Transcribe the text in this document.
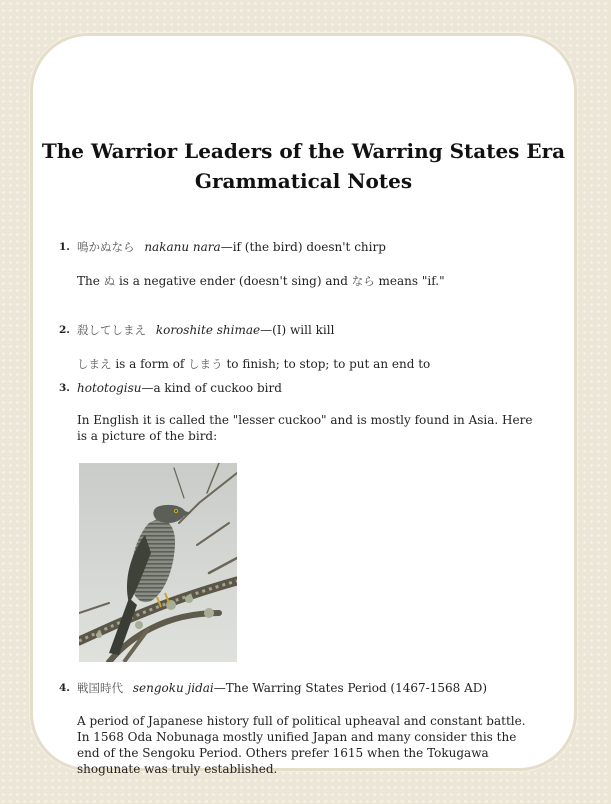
The Warrior Leaders of the Warring States Era
Grammatical Notes
1. 鳴かぬなら nakanu nara—if (the bird) doesn't chirp
The ぬ is a negative ender (doesn't sing) and なら means "if."
2. 殺してしまえ koroshite shimae—(I) will kill
しまえ is a form of しまう to finish; to stop; to put an end to
3. hototogisu—a kind of cuckoo bird
In English it is called the "lesser cuckoo" and is mostly found in Asia. Here is a picture of the bird:
4. 戦国時代 sengoku jidai—The Warring States Period (1467-1568 AD)
A period of Japanese history full of political upheaval and constant battle. In 1568 Oda Nobunaga mostly unified Japan and many consider this the end of the Sengoku Period. Others prefer 1615 when the Tokugawa shogunate was truly established.
